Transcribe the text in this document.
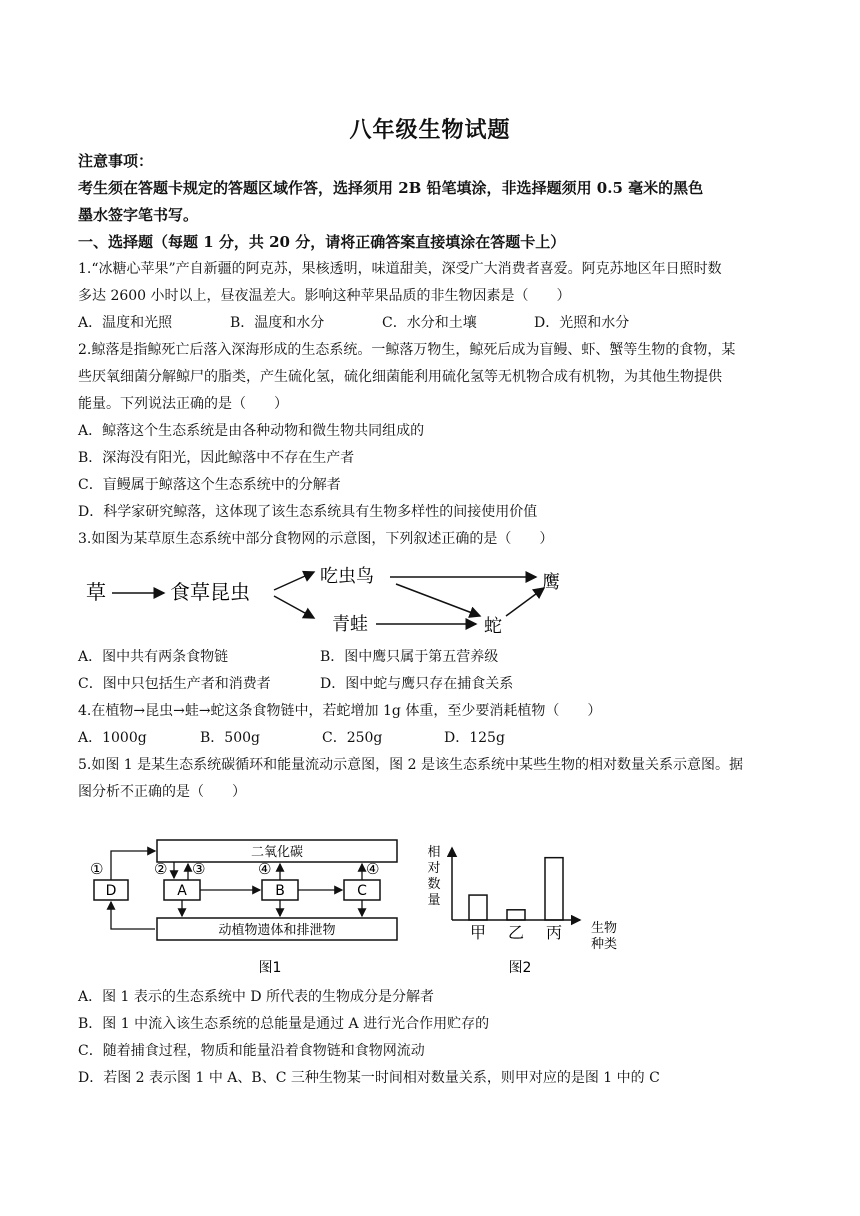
八年级生物试题
注意事项：
考生须在答题卡规定的答题区域作答，选择须用 2B 铅笔填涂，非选择题须用 0.5 毫米的黑色
墨水签字笔书写。
一、选择题（每题 1 分，共 20 分，请将正确答案直接填涂在答题卡上）
1.“冰糖心苹果”产自新疆的阿克苏，果核透明，味道甜美，深受广大消费者喜爱。阿克苏地区年日照时数
多达 2600 小时以上，昼夜温差大。影响这种苹果品质的非生物因素是（　　）
A．温度和光照	B．温度和水分	C．水分和土壤	D．光照和水分
2.鲸落是指鲸死亡后落入深海形成的生态系统。一鲸落万物生，鲸死后成为盲鳗、虾、蟹等生物的食物，某
些厌氧细菌分解鲸尸的脂类，产生硫化氢，硫化细菌能利用硫化氢等无机物合成有机物，为其他生物提供
能量。下列说法正确的是（　　）
A．鲸落这个生态系统是由各种动物和微生物共同组成的
B．深海没有阳光，因此鲸落中不存在生产者
C．盲鳗属于鲸落这个生态系统中的分解者
D．科学家研究鲸落，这体现了该生态系统具有生物多样性的间接使用价值
3.如图为某草原生态系统中部分食物网的示意图，下列叙述正确的是（　　）
草	食草昆虫
吃虫鸟
青蛙
鹰
蛇
A．图中共有两条食物链	B．图中鹰只属于第五营养级
C．图中只包括生产者和消费者	D．图中蛇与鹰只存在捕食关系
4.在植物→昆虫→蛙→蛇这条食物链中，若蛇增加 1g 体重，至少要消耗植物（　　）
A．1000g	B．500g	C．250g	D．125g
5.如图 1 是某生态系统碳循环和能量流动示意图，图 2 是该生态系统中某些生物的相对数量关系示意图。据
图分析不正确的是（　　）
二氧化碳
动植物遗体和排泄物
D	A	B	C
①	② ③	④	④
图1
相
对
数
量
甲 乙 丙 生物
种类
图2
A．图 1 表示的生态系统中 D 所代表的生物成分是分解者
B．图 1 中流入该生态系统的总能量是通过 A 进行光合作用贮存的
C．随着捕食过程，物质和能量沿着食物链和食物网流动
D．若图 2 表示图 1 中 A、B、C 三种生物某一时间相对数量关系，则甲对应的是图 1 中的 C
